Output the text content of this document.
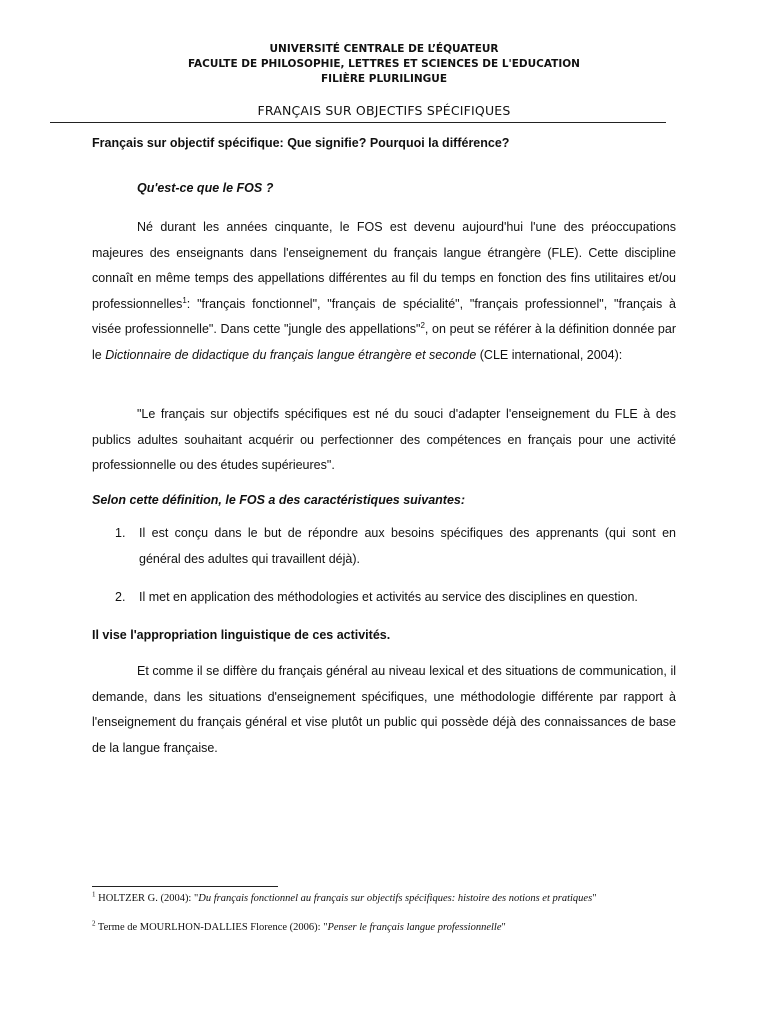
UNIVERSITÉ CENTRALE DE L’ÉQUATEUR
FACULTE DE PHILOSOPHIE, LETTRES ET SCIENCES DE L'EDUCATION
FILIÈRE PLURILINGUE
FRANÇAIS SUR OBJECTIFS SPÉCIFIQUES
Français sur objectif spécifique: Que signifie? Pourquoi la différence?
Qu'est-ce que le FOS ?
Né durant les années cinquante, le FOS est devenu aujourd'hui l'une des préoccupations majeures des enseignants dans l'enseignement du français langue étrangère (FLE). Cette discipline connaît en même temps des appellations différentes au fil du temps en fonction des fins utilitaires et/ou professionnelles$^1$: "français fonctionnel", "français de spécialité", "français professionnel", "français à visée professionnelle". Dans cette "jungle des appellations"$^2$, on peut se référer à la définition donnée par le Dictionnaire de didactique du français langue étrangère et seconde (CLE international, 2004):
"Le français sur objectifs spécifiques est né du souci d'adapter l'enseignement du FLE à des publics adultes souhaitant acquérir ou perfectionner des compétences en français pour une activité professionnelle ou des études supérieures".
Selon cette définition, le FOS a des caractéristiques suivantes:
1. Il est conçu dans le but de répondre aux besoins spécifiques des apprenants (qui sont en général des adultes qui travaillent déjà).
2. Il met en application des méthodologies et activités au service des disciplines en question.
Il vise l'appropriation linguistique de ces activités.
Et comme il se diffère du français général au niveau lexical et des situations de communication, il demande, dans les situations d'enseignement spécifiques, une méthodologie différente par rapport à l'enseignement du français général et vise plutôt un public qui possède déjà des connaissances de base de la langue française.
$^1$ HOLTZER G. (2004): "Du français fonctionnel au français sur objectifs spécifiques: histoire des notions et pratiques"
$^2$ Terme de MOURLHON-DALLIES Florence (2006): "Penser le français langue professionnelle"
